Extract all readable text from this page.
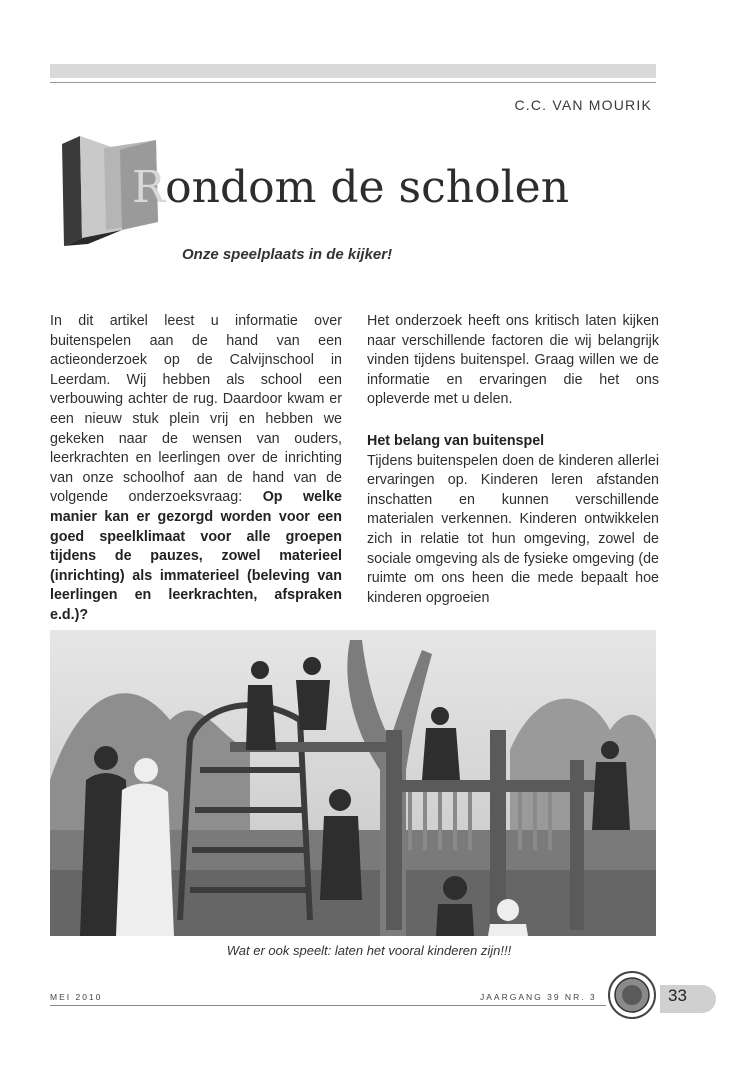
C.C. VAN MOURIK
Rondom de scholen
Onze speelplaats in de kijker!

In dit artikel leest u informatie over buitenspelen aan de hand van een actieonderzoek op de Calvijnschool in Leerdam. Wij hebben als school een verbouwing achter de rug. Daardoor kwam er een nieuw stuk plein vrij en hebben we gekeken naar de wensen van ouders, leerkrachten en leerlingen over de inrichting van onze schoolhof aan de hand van de volgende onderzoeksvraag: Op welke manier kan er gezorgd worden voor een goed speelklimaat voor alle groepen tijdens de pauzes, zowel materieel (inrichting) als immaterieel (beleving van leerlingen en leerkrachten, afspraken e.d.)?

Het onderzoek heeft ons kritisch laten kijken naar verschillende factoren die wij belangrijk vinden tijdens buitenspel. Graag willen we de informatie en ervaringen die het ons opleverde met u delen.

Het belang van buitenspel

Tijdens buitenspelen doen de kinderen allerlei ervaringen op. Kinderen leren afstanden inschatten en kunnen verschillende materialen verkennen. Kinderen ontwikkelen zich in relatie tot hun omgeving, zowel de sociale omgeving als de fysieke omgeving (de ruimte om ons heen die mede bepaalt hoe kinderen opgroeien

Wat er ook speelt: laten het vooral kinderen zijn!!!
MEI 2010	JAARGANG 39 NR. 3	33
